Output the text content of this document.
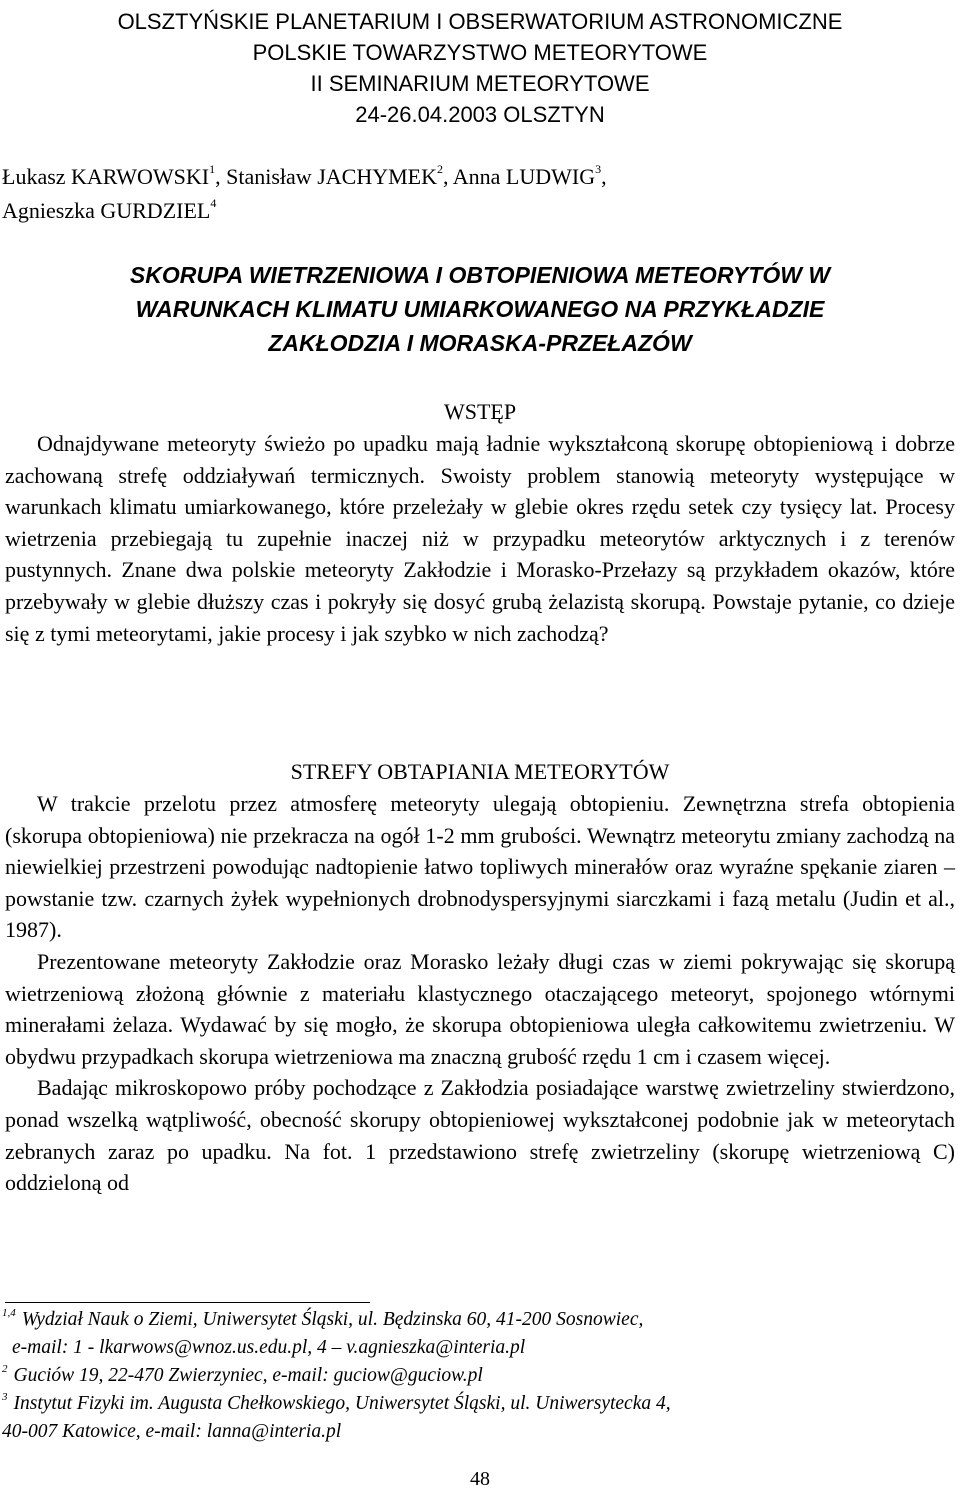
OLSZTYŃSKIE PLANETARIUM I OBSERWATORIUM ASTRONOMICZNE
POLSKIE TOWARZYSTWO METEORYTOWE
II SEMINARIUM METEORYTOWE
24-26.04.2003 OLSZTYN
Łukasz KARWOWSKI$^1$, Stanisław JACHYMEK$^2$, Anna LUDWIG$^3$,
Agnieszka GURDZIEL$^4$
SKORUPA WIETRZENIOWA I OBTOPIENIOWA METEORYTÓW W
WARUNKACH KLIMATU UMIARKOWANEGO NA PRZYKŁADZIE
ZAKŁODZIA I MORASKA-PRZEŁAZÓW
WSTĘP

Odnajdywane meteoryty świeżo po upadku mają ładnie wykształconą skorupę obtopieniową i dobrze zachowaną strefę oddziaływań termicznych. Swoisty problem stanowią meteoryty występujące w warunkach klimatu umiarkowanego, które przeleżały w glebie okres rzędu setek czy tysięcy lat. Procesy wietrzenia przebiegają tu zupełnie inaczej niż w przypadku meteorytów arktycznych i z terenów pustynnych. Znane dwa polskie meteoryty Zakłodzie i Morasko-Przełazy są przykładem okazów, które przebywały w glebie dłuższy czas i pokryły się dosyć grubą żelazistą skorupą. Powstaje pytanie, co dzieje się z tymi meteorytami, jakie procesy i jak szybko w nich zachodzą?

STREFY OBTAPIANIA METEORYTÓW

W trakcie przelotu przez atmosferę meteoryty ulegają obtopieniu. Zewnętrzna strefa obtopienia (skorupa obtopieniowa) nie przekracza na ogół 1-2 mm grubości. Wewnątrz meteorytu zmiany zachodzą na niewielkiej przestrzeni powodując nadtopienie łatwo topliwych minerałów oraz wyraźne spękanie ziaren – powstanie tzw. czarnych żyłek wypełnionych drobnodyspersyjnymi siarczkami i fazą metalu (Judin et al., 1987).

Prezentowane meteoryty Zakłodzie oraz Morasko leżały długi czas w ziemi pokrywając się skorupą wietrzeniową złożoną głównie z materiału klastycznego otaczającego meteoryt, spojonego wtórnymi minerałami żelaza. Wydawać by się mogło, że skorupa obtopieniowa uległa całkowitemu zwietrzeniu. W obydwu przypadkach skorupa wietrzeniowa ma znaczną grubość rzędu 1 cm i czasem więcej.

Badając mikroskopowo próby pochodzące z Zakłodzia posiadające warstwę zwietrzeliny stwierdzono, ponad wszelką wątpliwość, obecność skorupy obtopieniowej wykształconej podobnie jak w meteorytach zebranych zaraz po upadku. Na fot. 1 przedstawiono strefę zwietrzeliny (skorupę wietrzeniową C) oddzieloną od

$^{1,4}$ Wydział Nauk o Ziemi, Uniwersytet Śląski, ul. Będzinska 60, 41-200 Sosnowiec,
e-mail: 1 - lkarwows@wnoz.us.edu.pl, 4 – v.agnieszka@interia.pl
$^2$ Guciów 19, 22-470 Zwierzyniec, e-mail: guciow@guciow.pl
$^3$ Instytut Fizyki im. Augusta Chełkowskiego, Uniwersytet Śląski, ul. Uniwersytecka 4,
40-007 Katowice, e-mail: lanna@interia.pl
48
